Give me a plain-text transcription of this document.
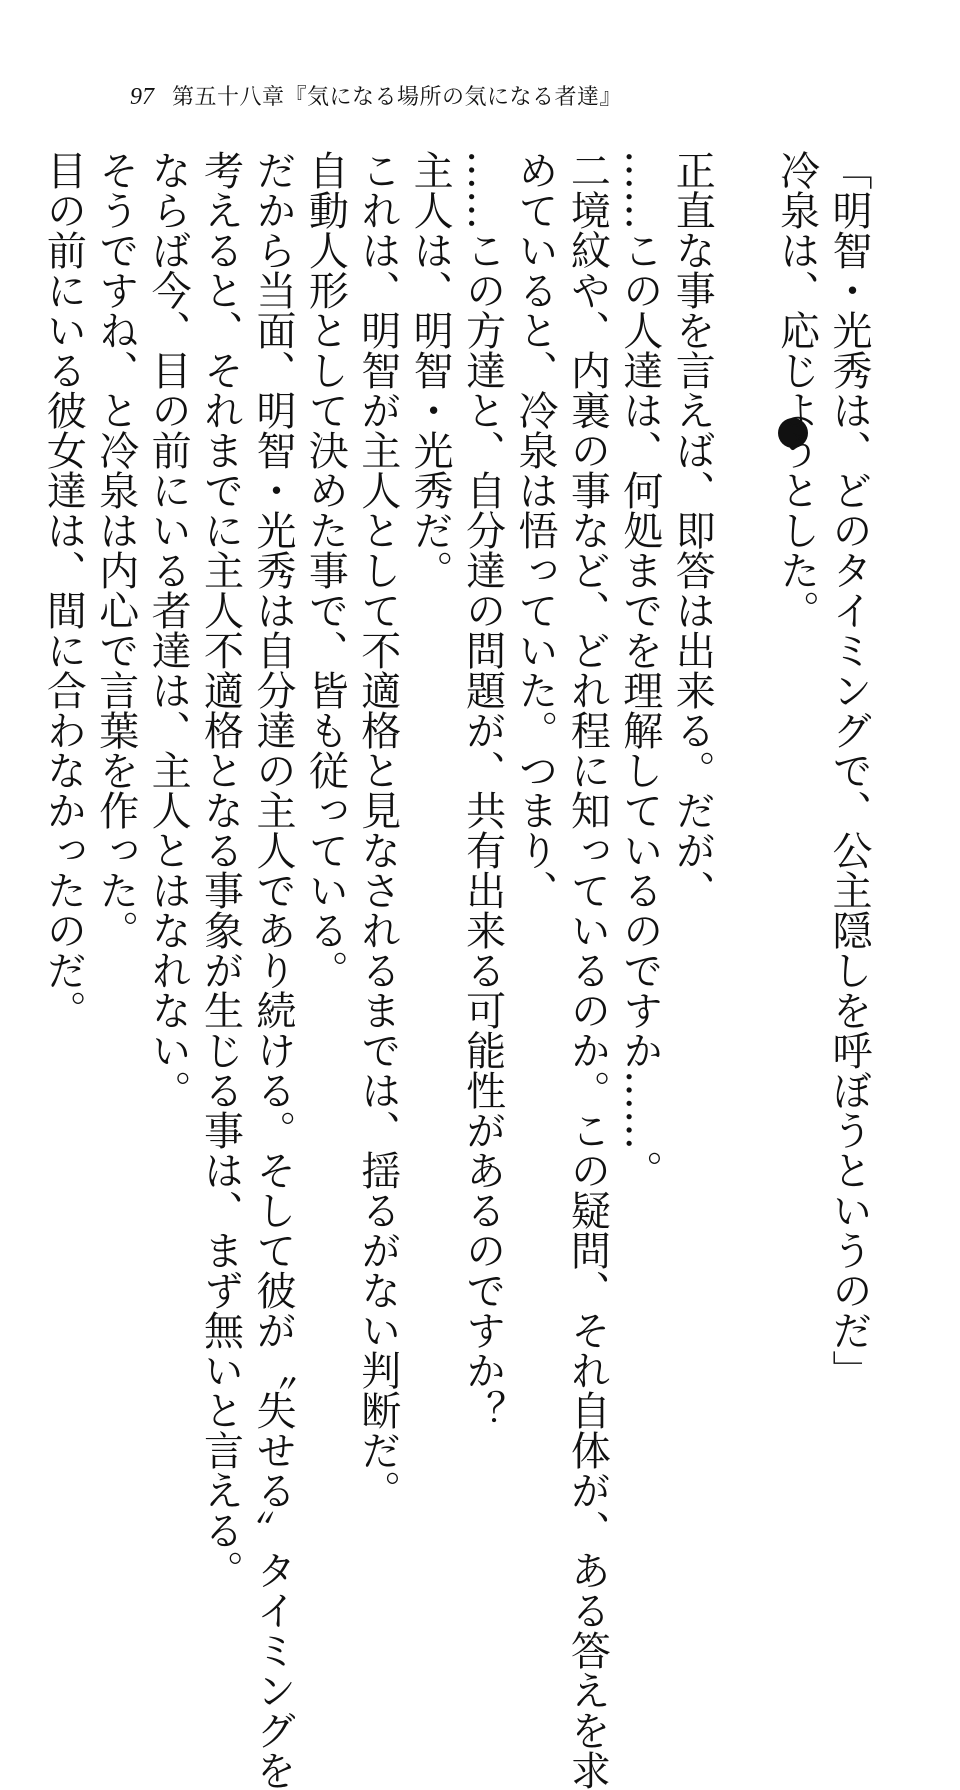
97 第五十八章『気になる場所の気になる者達』
「明智・光秀は、どのタイミングで、公主隠しを呼ぼうというのだ」
冷泉は、応じようとした。
正直な事を言えば、即答は出来る。だが、
……この人達は、何処までを理解しているのですか……。
二境紋や、内裏の事など、どれ程に知っているのか。この疑問、それ自体が、ある答えを求
めていると、冷泉は悟っていた。つまり、
……この方達と、自分達の問題が、共有出来る可能性があるのですか？
主人は、明智・光秀だ。
これは、明智が主人として不適格と見なされるまでは、揺るがない判断だ。
自動人形として決めた事で、皆も従っている。
だから当面、明智・光秀は自分達の主人であり続ける。そして彼が〝失せる〟タイミングを
考えると、それまでに主人不適格となる事象が生じる事は、まず無いと言える。
ならば今、目の前にいる者達は、主人とはなれない。
そうですね、と冷泉は内心で言葉を作った。
目の前にいる彼女達は、間に合わなかったのだ。
